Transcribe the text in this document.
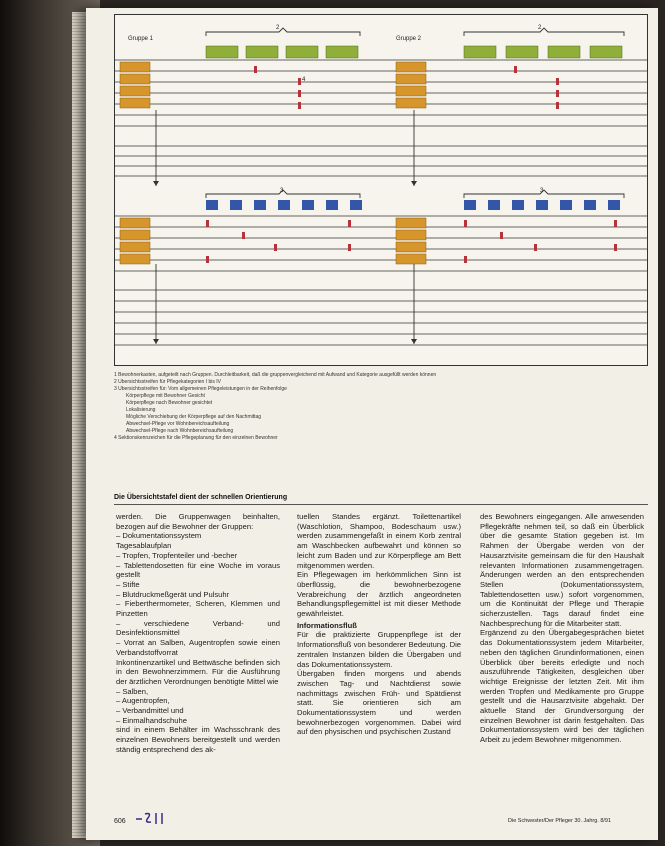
Gruppe 1	Gruppe 2
2	2
4
3	3
1 Bewohnerkasten, aufgeteilt nach Gruppen. Durchleitbarkeit, daß die gruppenvergleichend mit Aufwand und Kategorie ausgefüllt werden können
2 Übersichtsstreifen für Pflegekategorien I bis IV
3 Übersichtsstreifen für: Vom allgemeinen Pflegeleistungen in der Reihenfolge
Körperpflege mit Bewohner Gesicht
Körperpflege nach Bewohner gesichtet
Lokalisierung
Mögliche Verschiebung der Körperpflege auf den Nachmittag
Abwechsel-Pflege vor Wohnbereichsaufteilung
Abwechsel-Pflege nach Wohnbereichsaufteilung
4 Sektionskennzeichen für die Pflegeplanung für den einzelnen Bewohner
Die Übersichtstafel dient der schnellen Orientierung

werden. Die Gruppenwagen beinhalten, bezogen auf die Bewohner der Gruppen:

– Dokumentationssystem

Tagesablaufplan

– Tropfen, Tropfenteiler und -becher

– Tablettendosetten für eine Woche im voraus gestellt

– Stifte

– Blutdruckmeßgerät und Pulsuhr

– Fieberthermometer, Scheren, Klemmen und Pinzetten

– verschiedene Verband- und Desinfektionsmittel

– Vorrat an Salben, Augentropfen sowie einen Verbandstoffvorrat

Inkontinenzartikel und Bettwäsche befinden sich in den Bewohnerzimmern. Für die Ausführung der ärztlichen Verordnungen benötigte Mittel wie

– Salben,

– Augentropfen,

– Verbandmittel und

– Einmalhandschuhe

sind in einem Behälter im Wachsschrank des einzelnen Bewohners bereitgestellt und werden ständig entsprechend des ak-

tuellen Standes ergänzt. Toilettenartikel (Waschlotion, Shampoo, Bodeschaum usw.) werden zusammengefaßt in einem Korb zentral am Waschbecken aufbewahrt und können so leicht zum Baden und zur Körperpflege am Bett mitgenommen werden.

Ein Pflegewagen im herkömmlichen Sinn ist überflüssig, die bewohnerbezogene Verabreichung der ärztlich angeordneten Behandlungspflegemittel ist mit dieser Methode gewährleistet.

Informationsfluß

Für die praktizierte Gruppenpflege ist der Informationsfluß von besonderer Bedeutung. Die zentralen Instanzen bilden die Übergaben und das Dokumentationssystem.

Übergaben finden morgens und abends zwischen Tag- und Nachtdienst sowie nachmittags zwischen Früh- und Spätdienst statt. Sie orientieren sich am Dokumentationssystem und werden bewohnerbezogen vorgenommen. Dabei wird auf den physischen und psychischen Zustand

des Bewohners eingegangen. Alle anwesenden Pflegekräfte nehmen teil, so daß ein Überblick über die gesamte Station gegeben ist. Im Rahmen der Übergabe werden von der Hausarztvisite gemeinsam die für den Haushalt relevanten Informationen zusammengetragen. Änderungen werden an den entsprechenden Stellen (Dokumentationssystem, Tablettendosetten usw.) sofort vorgenommen, um die Kontinuität der Pflege und Therapie sicherzustellen. Tags darauf findet eine Nachbesprechung für die Mitarbeiter statt.

Ergänzend zu den Übergabegesprächen bietet das Dokumentationssystem jedem Mitarbeiter, neben den täglichen Grundinformationen, einen Überblick über bereits erledigte und noch auszuführende Tätigkeiten, desgleichen über wichtige Ereignisse der letzten Zeit. Mit ihm werden Tropfen und Medikamente pro Gruppe gestellt und die Hausarztvisite abgehakt. Der aktuelle Stand der Grundversorgung der einzelnen Bewohner ist darin festgehalten. Das Dokumentationssystem wird bei der täglichen Arbeit zu jedem Bewohner mitgenommen.

606	Die Schwester/Der Pfleger 30. Jahrg. 8/91
